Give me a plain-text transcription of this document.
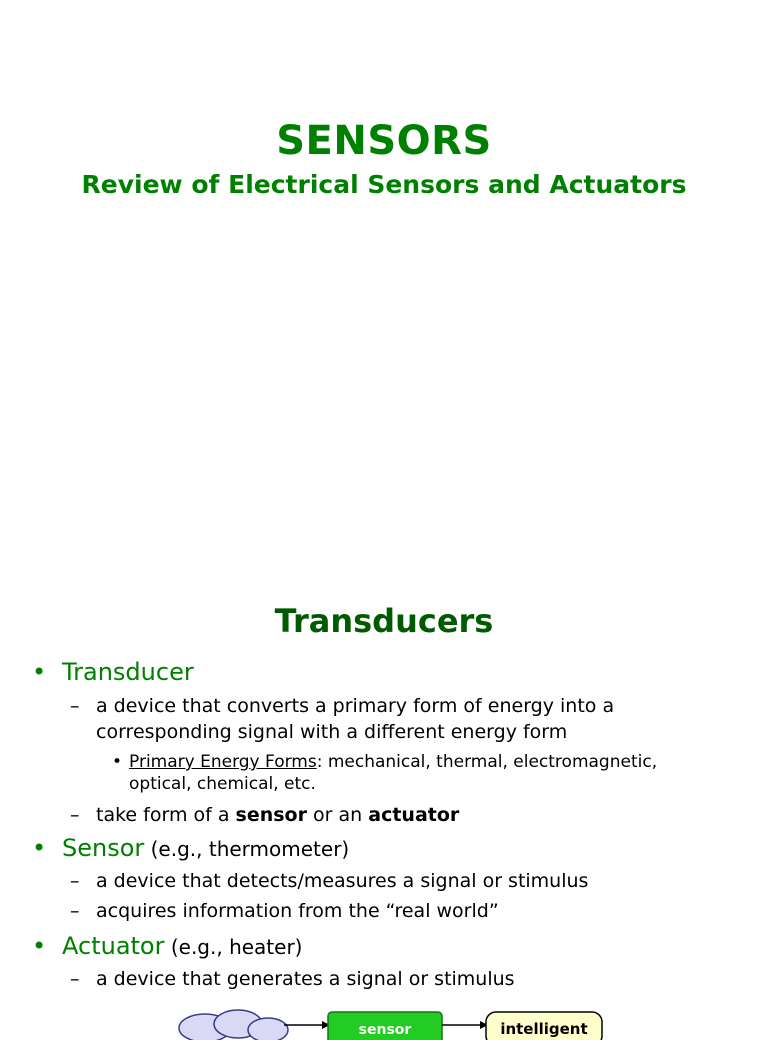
SENSORS
Review of Electrical Sensors and Actuators
Transducers
• Transducer
– a device that converts a primary form of energy into a
corresponding signal with a different energy form
• Primary Energy Forms: mechanical, thermal, electromagnetic,
optical, chemical, etc.
– take form of a sensor or an actuator
• Sensor (e.g., thermometer)
– a device that detects/measures a signal or stimulus
– acquires information from the “real world”
• Actuator (e.g., heater)
– a device that generates a signal or stimulus
sensor	intelligent
